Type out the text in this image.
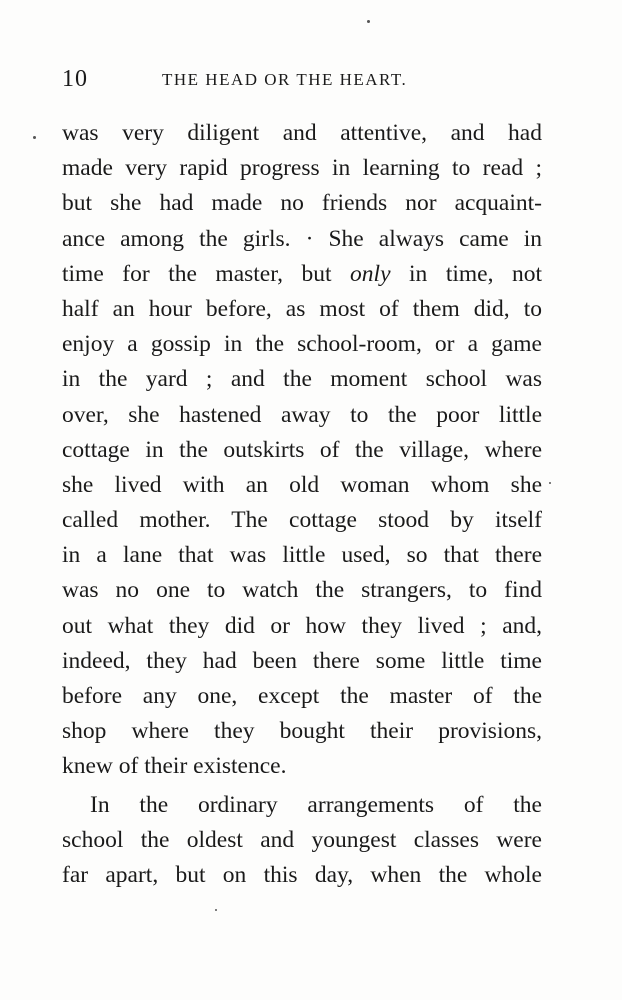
10	THE HEAD OR THE HEART.
was very diligent and attentive, and had
made very rapid progress in learning to read ;
but she had made no friends nor acquaint-
ance among the girls. · She always came in
time for the master, but only in time, not
half an hour before, as most of them did, to
enjoy a gossip in the school-room, or a game
in the yard ; and the moment school was
over, she hastened away to the poor little
cottage in the outskirts of the village, where
she lived with an old woman whom she
called mother. The cottage stood by itself
in a lane that was little used, so that there
was no one to watch the strangers, to find
out what they did or how they lived ; and,
indeed, they had been there some little time
before any one, except the master of the
shop where they bought their provisions,
knew of their existence.
In the ordinary arrangements of the
school the oldest and youngest classes were
far apart, but on this day, when the whole
